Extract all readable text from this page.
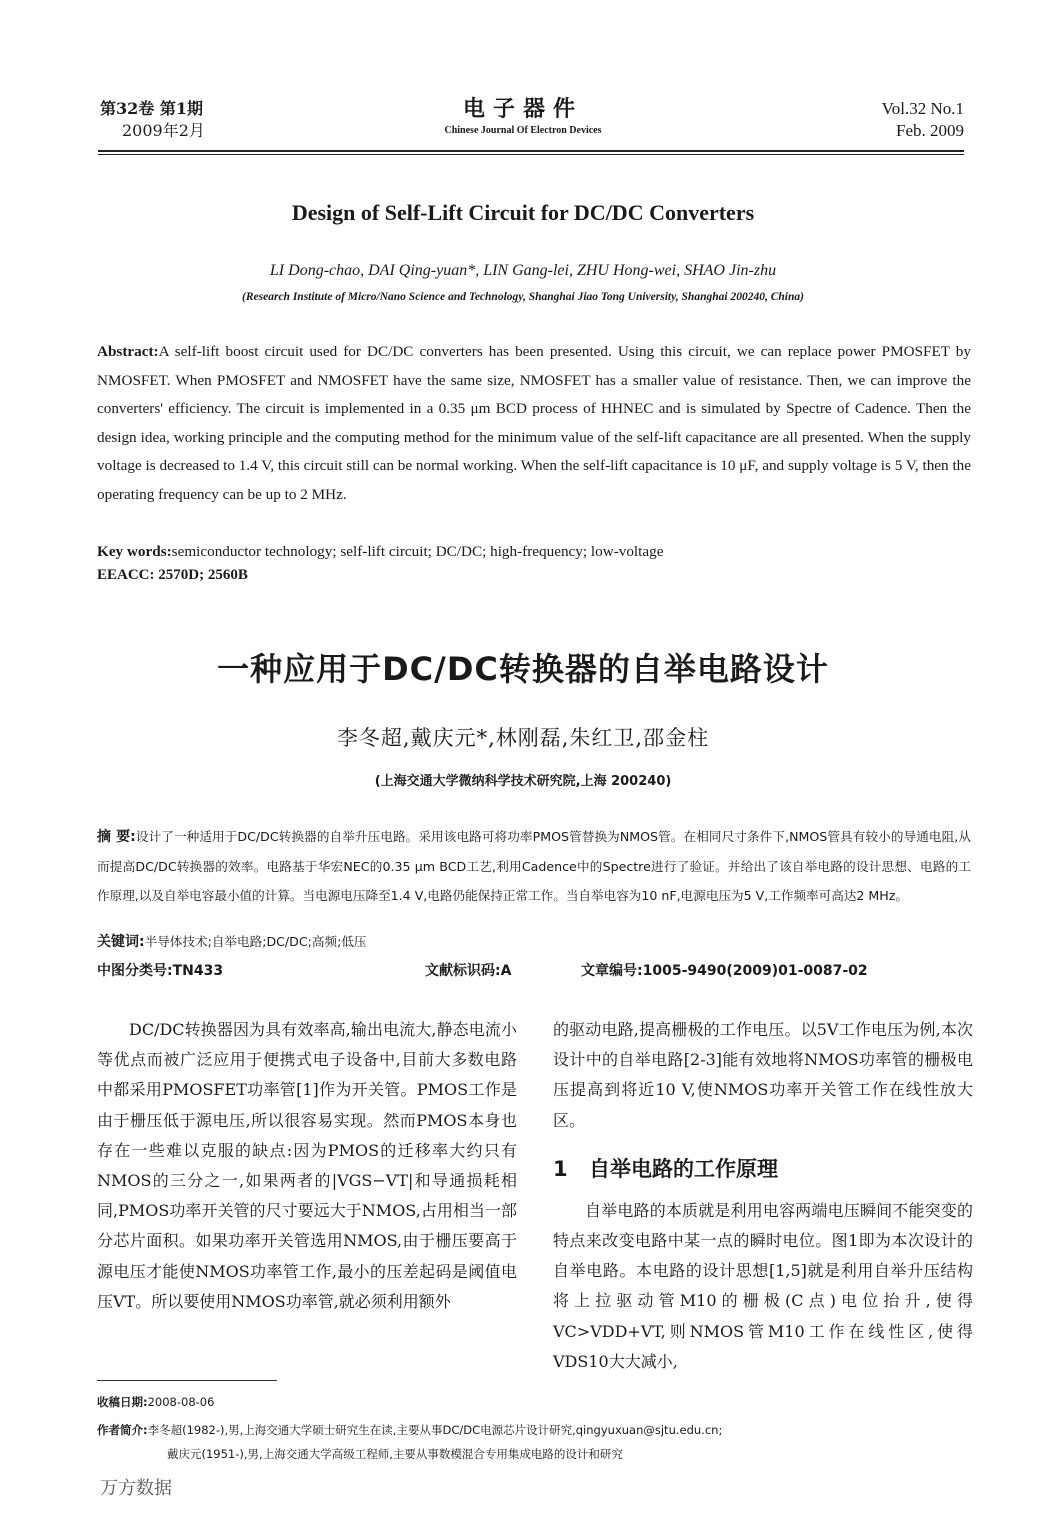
第32卷 第1期
2009年2月
电子器件
Chinese Journal Of Electron Devices
Vol.32 No.1
Feb. 2009
Design of Self-Lift Circuit for DC/DC Converters
LI Dong-chao, DAI Qing-yuan*, LIN Gang-lei, ZHU Hong-wei, SHAO Jin-zhu
(Research Institute of Micro/Nano Science and Technology, Shanghai Jiao Tong University, Shanghai 200240, China)
Abstract:A self-lift boost circuit used for DC/DC converters has been presented. Using this circuit, we can replace power PMOSFET by NMOSFET. When PMOSFET and NMOSFET have the same size, NMOSFET has a smaller value of resistance. Then, we can improve the converters' efficiency. The circuit is implemented in a 0.35 μm BCD process of HHNEC and is simulated by Spectre of Cadence. Then the design idea, working principle and the computing method for the minimum value of the self-lift capacitance are all presented. When the supply voltage is decreased to 1.4 V, this circuit still can be normal working. When the self-lift capacitance is 10 μF, and supply voltage is 5 V, then the operating frequency can be up to 2 MHz.
Key words:semiconductor technology; self-lift circuit; DC/DC; high-frequency; low-voltage
EEACC: 2570D; 2560B
一种应用于DC/DC转换器的自举电路设计
李冬超,戴庆元*,林刚磊,朱红卫,邵金柱
(上海交通大学微纳科学技术研究院,上海 200240)
摘 要:设计了一种适用于DC/DC转换器的自举升压电路。采用该电路可将功率PMOS管替换为NMOS管。在相同尺寸条件下,NMOS管具有较小的导通电阻,从而提高DC/DC转换器的效率。电路基于华宏NEC的0.35 μm BCD工艺,利用Cadence中的Spectre进行了验证。并给出了该自举电路的设计思想、电路的工作原理,以及自举电容最小值的计算。当电源电压降至1.4 V,电路仍能保持正常工作。当自举电容为10 nF,电源电压为5 V,工作频率可高达2 MHz。
关键词:半导体技术;自举电路;DC/DC;高频;低压
中图分类号:TN433	文献标识码:A	文章编号:1005-9490(2009)01-0087-02

DC/DC转换器因为具有效率高,输出电流大,静态电流小等优点而被广泛应用于便携式电子设备中,目前大多数电路中都采用PMOSFET功率管[1]作为开关管。PMOS工作是由于栅压低于源电压,所以很容易实现。然而PMOS本身也存在一些难以克服的缺点:因为PMOS的迁移率大约只有NMOS的三分之一,如果两者的|VGS−VT|和导通损耗相同,PMOS功率开关管的尺寸要远大于NMOS,占用相当一部分芯片面积。如果功率开关管选用NMOS,由于栅压要高于源电压才能使NMOS功率管工作,最小的压差起码是阈值电压VT。所以要使用NMOS功率管,就必须利用额外

的驱动电路,提高栅极的工作电压。以5V工作电压为例,本次设计中的自举电路[2-3]能有效地将NMOS功率管的栅极电压提高到将近10 V,使NMOS功率开关管工作在线性放大区。

1 自举电路的工作原理

自举电路的本质就是利用电容两端电压瞬间不能突变的特点来改变电路中某一点的瞬时电位。图1即为本次设计的自举电路。本电路的设计思想[1,5]就是利用自举升压结构将上拉驱动管M10的栅极(C点)电位抬升,使得VC>VDD+VT,则NMOS管M10工作在线性区,使得VDS10大大减小,

收稿日期:2008-08-06
作者简介:李冬超(1982-),男,上海交通大学硕士研究生在读,主要从事DC/DC电源芯片设计研究,qingyuxuan@sjtu.edu.cn;
戴庆元(1951-),男,上海交通大学高级工程师,主要从事数模混合专用集成电路的设计和研究
万方数据
